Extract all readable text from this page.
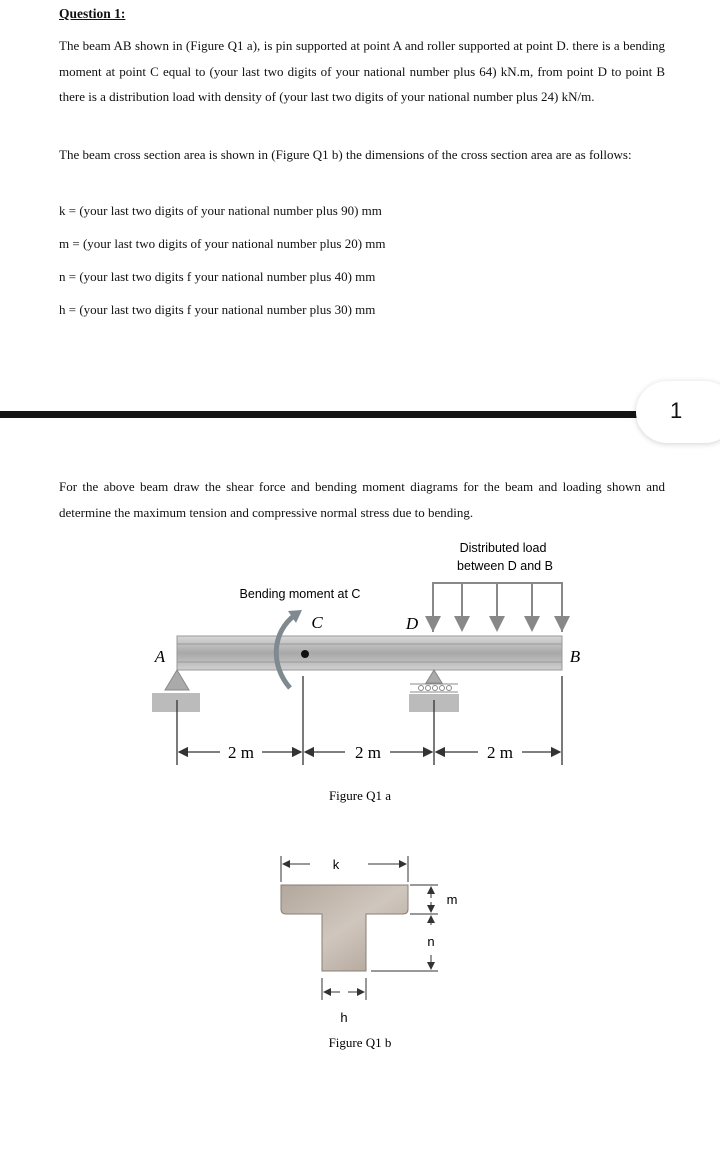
Question 1:
The beam AB shown in (Figure Q1 a), is pin supported at point A and roller supported at point D. there is a bending moment at point C equal to (your last two digits of your national number plus 64) kN.m, from point D to point B there is a distribution load with density of (your last two digits of your national number plus 24) kN/m.
The beam cross section area is shown in (Figure Q1 b) the dimensions of the cross section area are as follows:
k = (your last two digits of your national number plus 90) mm
m = (your last two digits of your national number plus 20) mm
n = (your last two digits f your national number plus 40) mm
h = (your last two digits f your national number plus 30) mm
1
For the above beam draw the shear force and bending moment diagrams for the beam and loading shown and determine the maximum tension and compressive normal stress due to bending.
Distributed load
between D and B
Bending moment at C
C	D
A	B
2 m	2 m	2 m
Figure Q1 a
k
m
n
h
Figure Q1 b
